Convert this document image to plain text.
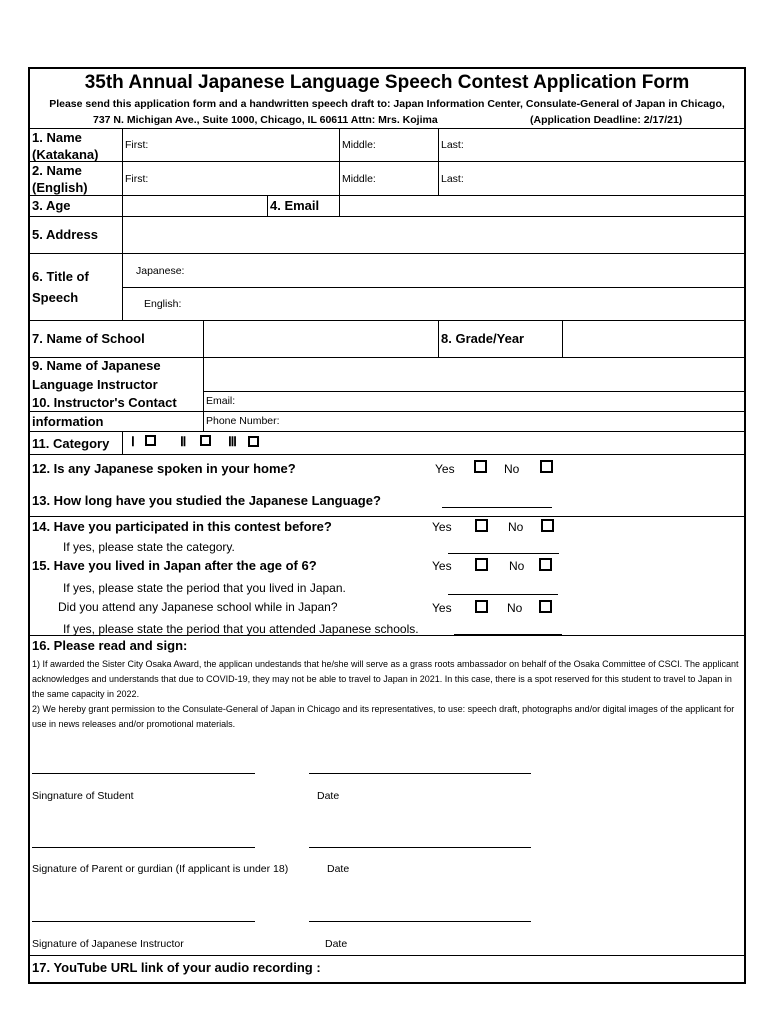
35th Annual Japanese Language Speech Contest Application Form
Please send this application form and a handwritten speech draft to: Japan Information Center, Consulate-General of Japan in Chicago,
737 N. Michigan Ave., Suite 1000, Chicago, IL 60611 Attn: Mrs. Kojima	(Application Deadline: 2/17/21)
1. Name
(Katakana)
First:	Middle:	Last:
2. Name
(English)
First:	Middle:	Last:
3. Age	4. Email
5. Address
6. Title of
Speech
Japanese:
English:
7. Name of School	8. Grade/Year
9. Name of Japanese
Language Instructor
10. Instructor's Contact
information
Email:
Phone Number:
11. Category Ⅰ	Ⅱ	Ⅲ
12. Is any Japanese spoken in your home?	Yes	No
13. How long have you studied the Japanese Language?
14. Have you participated in this contest before?	Yes	No
If yes, please state the category.
15. Have you lived in Japan after the age of 6?	Yes	No
If yes, please state the period that you lived in Japan.
Did you attend any Japanese school while in Japan?	Yes	No
If yes, please state the period that you attended Japanese schools.
16. Please read and sign:
1) If awarded the Sister City Osaka Award, the applican undestands that he/she will serve as a grass roots ambassador on behalf of the Osaka Committee of CSCI. The applicant acknowledges and understands that due to COVID-19, they may not be able to travel to Japan in 2021. In this case, there is a spot reserved for this student to travel to Japan in the same capacity in 2022.
2) We hereby grant permission to the Consulate-General of Japan in Chicago and its representatives, to use: speech draft, photographs and/or digital images of the applicant for use in news releases and/or promotional materials.
Singnature of Student	Date
Signature of Parent or gurdian (If applicant is under 18)	Date
Signature of Japanese Instructor	Date
17. YouTube URL link of your audio recording :
